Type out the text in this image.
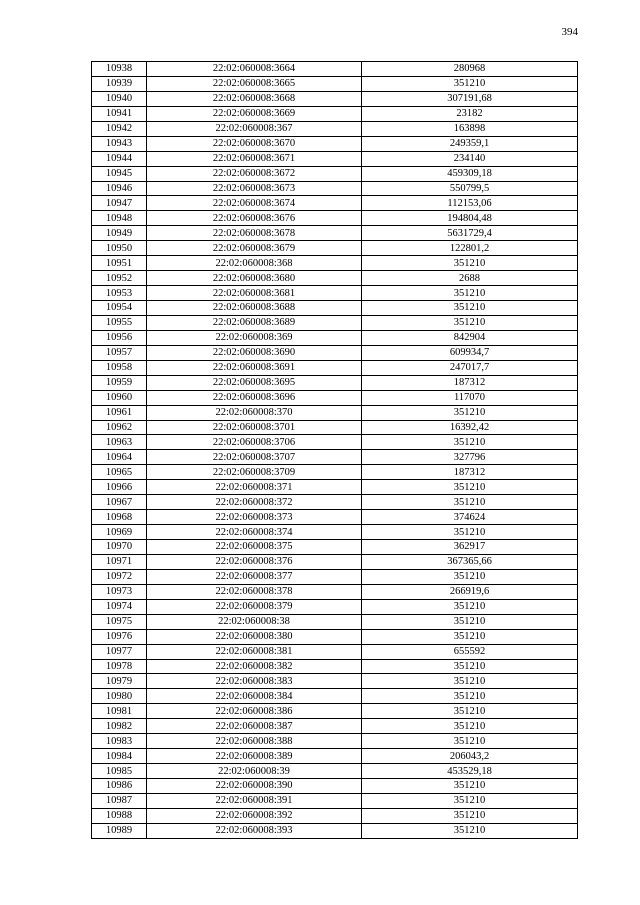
394
10938	22:02:060008:3664	280968
10939	22:02:060008:3665	351210
10940	22:02:060008:3668	307191,68
10941	22:02:060008:3669	23182
10942	22:02:060008:367	163898
10943	22:02:060008:3670	249359,1
10944	22:02:060008:3671	234140
10945	22:02:060008:3672	459309,18
10946	22:02:060008:3673	550799,5
10947	22:02:060008:3674	112153,06
10948	22:02:060008:3676	194804,48
10949	22:02:060008:3678	5631729,4
10950	22:02:060008:3679	122801,2
10951	22:02:060008:368	351210
10952	22:02:060008:3680	2688
10953	22:02:060008:3681	351210
10954	22:02:060008:3688	351210
10955	22:02:060008:3689	351210
10956	22:02:060008:369	842904
10957	22:02:060008:3690	609934,7
10958	22:02:060008:3691	247017,7
10959	22:02:060008:3695	187312
10960	22:02:060008:3696	117070
10961	22:02:060008:370	351210
10962	22:02:060008:3701	16392,42
10963	22:02:060008:3706	351210
10964	22:02:060008:3707	327796
10965	22:02:060008:3709	187312
10966	22:02:060008:371	351210
10967	22:02:060008:372	351210
10968	22:02:060008:373	374624
10969	22:02:060008:374	351210
10970	22:02:060008:375	362917
10971	22:02:060008:376	367365,66
10972	22:02:060008:377	351210
10973	22:02:060008:378	266919,6
10974	22:02:060008:379	351210
10975	22:02:060008:38	351210
10976	22:02:060008:380	351210
10977	22:02:060008:381	655592
10978	22:02:060008:382	351210
10979	22:02:060008:383	351210
10980	22:02:060008:384	351210
10981	22:02:060008:386	351210
10982	22:02:060008:387	351210
10983	22:02:060008:388	351210
10984	22:02:060008:389	206043,2
10985	22:02:060008:39	453529,18
10986	22:02:060008:390	351210
10987	22:02:060008:391	351210
10988	22:02:060008:392	351210
10989	22:02:060008:393	351210
